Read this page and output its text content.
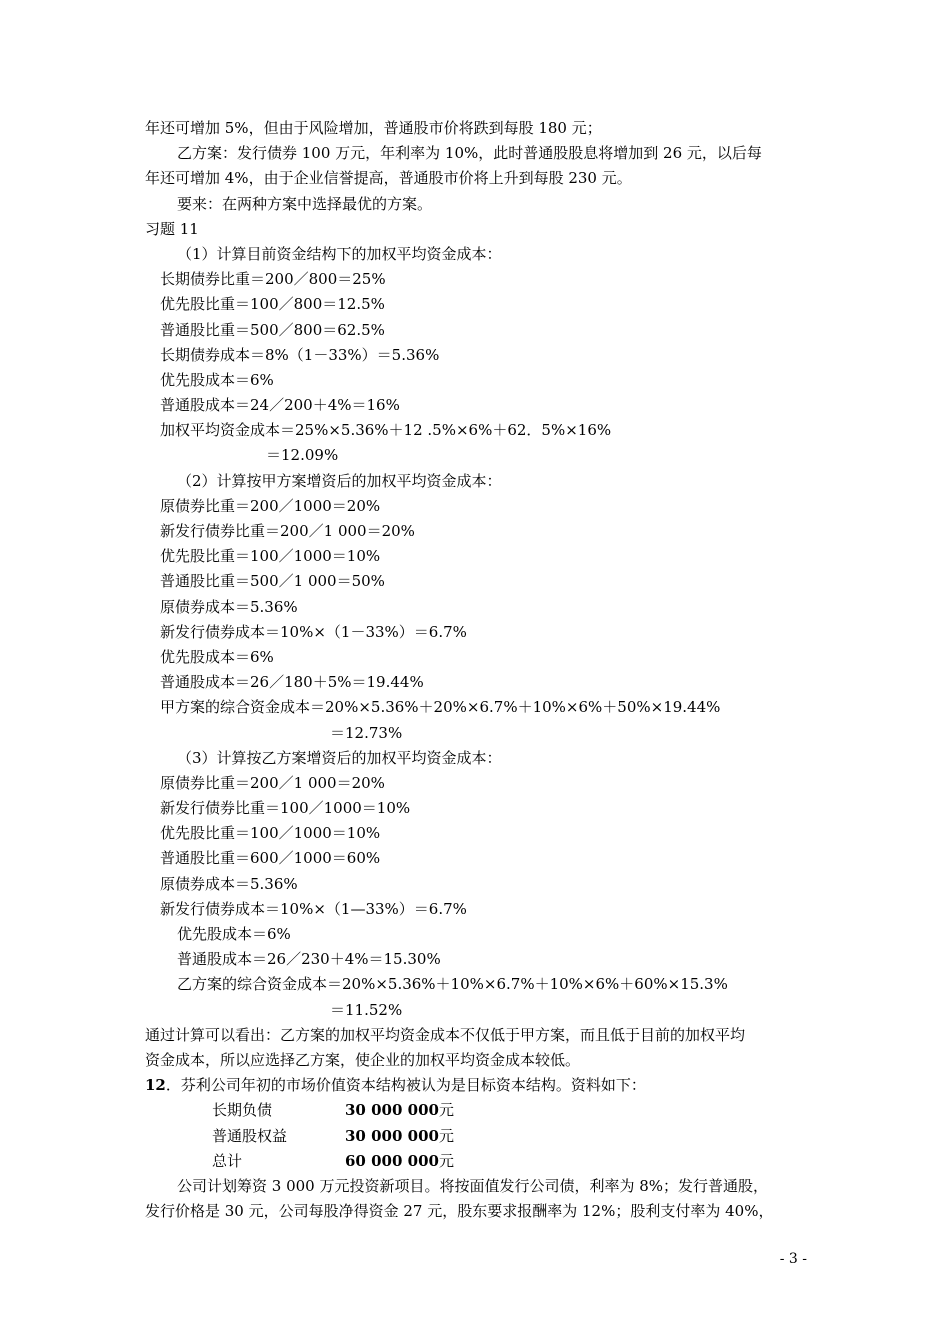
年还可增加 5%，但由于风险增加，普通股市价将跌到每股 180 元；
乙方案：发行债券 100 万元，年利率为 10%，此时普通股股息将增加到 26 元，以后每
年还可增加 4%，由于企业信誉提高，普通股市价将上升到每股 230 元。
要来：在两种方案中选择最优的方案。
习题 11
（1）计算目前资金结构下的加权平均资金成本：
长期债券比重＝200／800＝25%
优先股比重＝100／800＝12.5%
普通股比重＝500／800＝62.5%
长期债券成本＝8%（1－33%）＝5.36%
优先股成本＝6%
普通股成本＝24／200＋4%＝16%
加权平均资金成本＝25%×5.36%＋12 .5%×6%＋62．5%×16%
＝12.09%
（2）计算按甲方案增资后的加权平均资金成本：
原债券比重＝200／1000＝20%
新发行债券比重＝200／1 000＝20%
优先股比重＝100／1000＝10%
普通股比重＝500／1 000＝50%
原债券成本＝5.36%
新发行债券成本＝10%×（1－33%）＝6.7%
优先股成本＝6%
普通股成本＝26／180＋5%＝19.44%
甲方案的综合资金成本＝20%×5.36%＋20%×6.7%＋10%×6%＋50%×19.44%
＝12.73%
（3）计算按乙方案增资后的加权平均资金成本：
原债券比重＝200／1 000＝20%
新发行债券比重＝100／1000＝10%
优先股比重＝100／1000＝10%
普通股比重＝600／1000＝60%
原债券成本＝5.36%
新发行债券成本＝10%×（1—33%）＝6.7%
优先股成本＝6%
普通股成本＝26／230＋4%＝15.30%
乙方案的综合资金成本＝20%×5.36%＋10%×6.7%＋10%×6%＋60%×15.3%
＝11.52%
通过计算可以看出：乙方案的加权平均资金成本不仅低于甲方案，而且低于目前的加权平均
资金成本，所以应选择乙方案，使企业的加权平均资金成本较低。
12．芬利公司年初的市场价值资本结构被认为是目标资本结构。资料如下：
长期负债	30 000 000元
普通股权益	30 000 000元
总计	60 000 000元
公司计划筹资 3 000 万元投资新项目。将按面值发行公司债，利率为 8%；发行普通股，
发行价格是 30 元，公司每股净得资金 27 元，股东要求报酬率为 12%；股利支付率为 40%，
- 3 -
